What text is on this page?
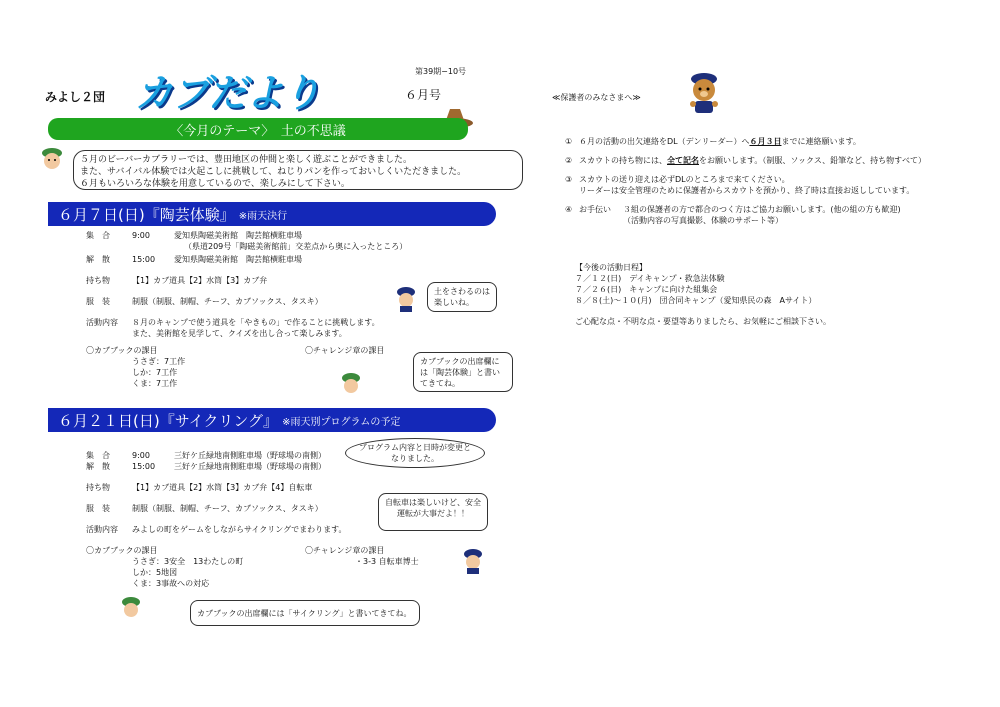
みよし２団 カブだより	第39期−10号
６月号
〈今月のテーマ〉　土の不思議
５月のビーバーカブラリーでは、豊田地区の仲間と楽しく遊ぶことができました。
また、サバイバル体験では火起こしに挑戦して、ねじりパンを作っておいしくいただきました。
６月もいろいろな体験を用意しているので、楽しみにして下さい。
６月７日(日)『陶芸体験』 ※雨天決行
集　合	9:00	愛知県陶磁美術館　陶芸館横駐車場
（県道209号「陶磁美術館前」交差点から奥に入ったところ）
解　散	15:00	愛知県陶磁美術館　陶芸館横駐車場
持ち物	【1】カブ道具【2】水筒【3】カブ弁
服　装	制服（制服、制帽、チーフ、カブソックス、タスキ）
活動内容	８月のキャンプで使う道具を「やきもの」で作ることに挑戦します。
また、美術館を見学して、クイズを出し合って楽しみます。
〇カブブックの課目
うさぎ：7工作
しか：7工作
くま：7工作
〇チャレンジ章の課目
土をさわるのは楽しいね。
カブブックの出席欄には「陶芸体験」と書いてきてね。
６月２１日(日)『サイクリング』 ※雨天別プログラムの予定
プログラム内容と日時が変更となりました。
集　合	9:00	三好ケ丘緑地南側駐車場（野球場の南側）
解　散	15:00	三好ケ丘緑地南側駐車場（野球場の南側）
持ち物	【1】カブ道具【2】水筒【3】カブ弁【4】自転車
服　装	制服（制服、制帽、チーフ、カブソックス、タスキ）
活動内容	みよしの町をゲームをしながらサイクリングでまわります。
〇カブブックの課目
うさぎ：3安全　13わたしの町
しか：5地図
くま：3事故への対応
〇チャレンジ章の課目
・3-3 自転車博士
自転車は楽しいけど、安全運転が大事だよ！！
カブブックの出席欄には「サイクリング」と書いてきてね。
≪保護者のみなさまへ≫
① ６月の活動の出欠連絡をDL（デンリーダー）へ ６月３日 までに連絡願います。
② スカウトの持ち物には、 全て記名 をお願いします。（制服、ソックス、鉛筆など、持ち物すべて）
③ スカウトの送り迎えは必ずDLのところまで来てください。
リーダーは安全管理のために保護者からスカウトを預かり、終了時は直接お返ししています。
④ お手伝い	３組の保護者の方で都合のつく方はご協力お願いします。(他の組の方も歓迎)
（活動内容の写真撮影、体験のサポート等）
【今後の活動日程】
７／１２(日)　デイキャンプ・救急法体験
７／２６(日)　キャンプに向けた組集会
８／８(土)〜１０(月)　団合同キャンプ（愛知県民の森　Aサイト）
ご心配な点・不明な点・要望等ありましたら、お気軽にご相談下さい。
